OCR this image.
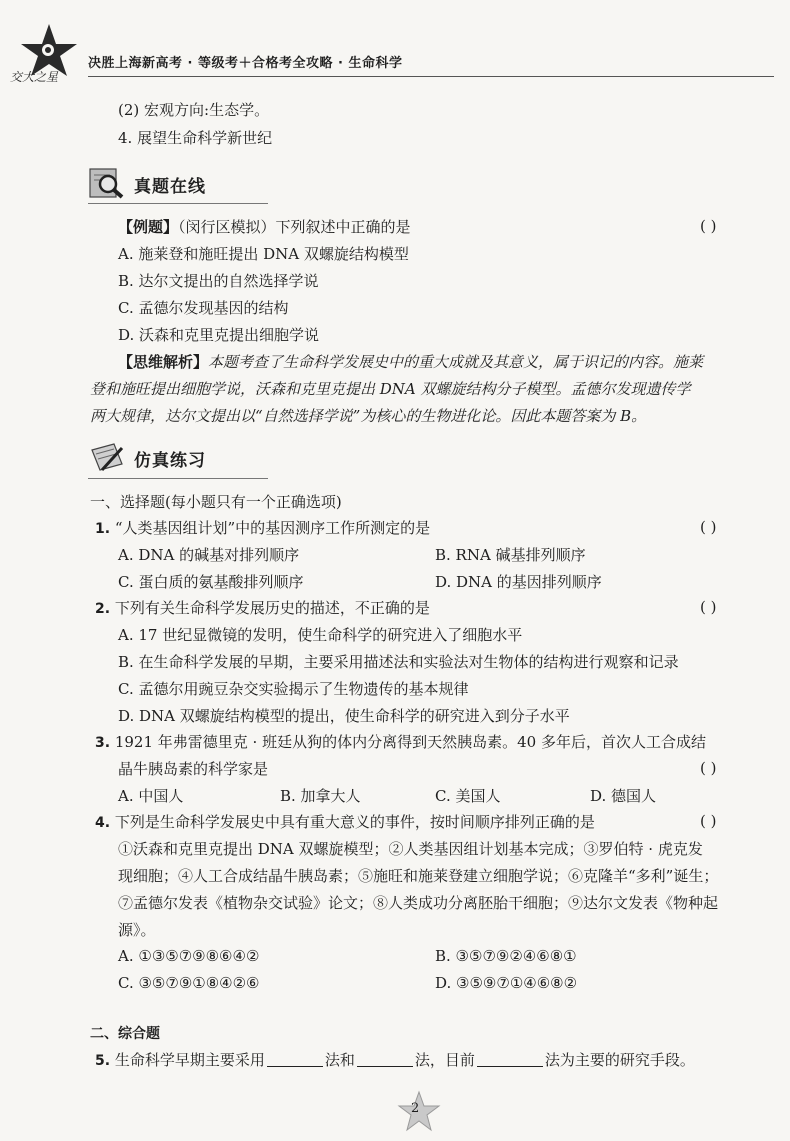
交大之星
决胜上海新高考 · 等级考＋合格考全攻略 · 生命科学
(2) 宏观方向:生态学。
4. 展望生命科学新世纪
真题在线
【例题】（闵行区模拟）下列叙述中正确的是	( )
A. 施莱登和施旺提出 DNA 双螺旋结构模型
B. 达尔文提出的自然选择学说
C. 孟德尔发现基因的结构
D. 沃森和克里克提出细胞学说
【思维解析】本题考查了生命科学发展史中的重大成就及其意义，属于识记的内容。施莱
登和施旺提出细胞学说，沃森和克里克提出 DNA 双螺旋结构分子模型。孟德尔发现遗传学
两大规律，达尔文提出以“自然选择学说”为核心的生物进化论。因此本题答案为 B。
仿真练习
一、选择题(每小题只有一个正确选项)
1. “人类基因组计划”中的基因测序工作所测定的是	( )
A. DNA 的碱基对排列顺序	B. RNA 碱基排列顺序
C. 蛋白质的氨基酸排列顺序	D. DNA 的基因排列顺序
2. 下列有关生命科学发展历史的描述，不正确的是	( )
A. 17 世纪显微镜的发明，使生命科学的研究进入了细胞水平
B. 在生命科学发展的早期，主要采用描述法和实验法对生物体的结构进行观察和记录
C. 孟德尔用豌豆杂交实验揭示了生物遗传的基本规律
D. DNA 双螺旋结构模型的提出，使生命科学的研究进入到分子水平
3. 1921 年弗雷德里克 · 班廷从狗的体内分离得到天然胰岛素。40 多年后，首次人工合成结
晶牛胰岛素的科学家是	( )
A. 中国人	B. 加拿大人	C. 美国人	D. 德国人
4. 下列是生命科学发展史中具有重大意义的事件，按时间顺序排列正确的是	( )
①沃森和克里克提出 DNA 双螺旋模型；②人类基因组计划基本完成；③罗伯特 · 虎克发
现细胞；④人工合成结晶牛胰岛素；⑤施旺和施莱登建立细胞学说；⑥克隆羊“多利”诞生；
⑦孟德尔发表《植物杂交试验》论文；⑧人类成功分离胚胎干细胞；⑨达尔文发表《物种起
源》。
A. ①③⑤⑦⑨⑧⑥④②	B. ③⑤⑦⑨②④⑥⑧①
C. ③⑤⑦⑨①⑧④②⑥	D. ③⑤⑨⑦①④⑥⑧②
二、综合题
5. 生命科学早期主要采用	法和	法，目前	法为主要的研究手段。
2
